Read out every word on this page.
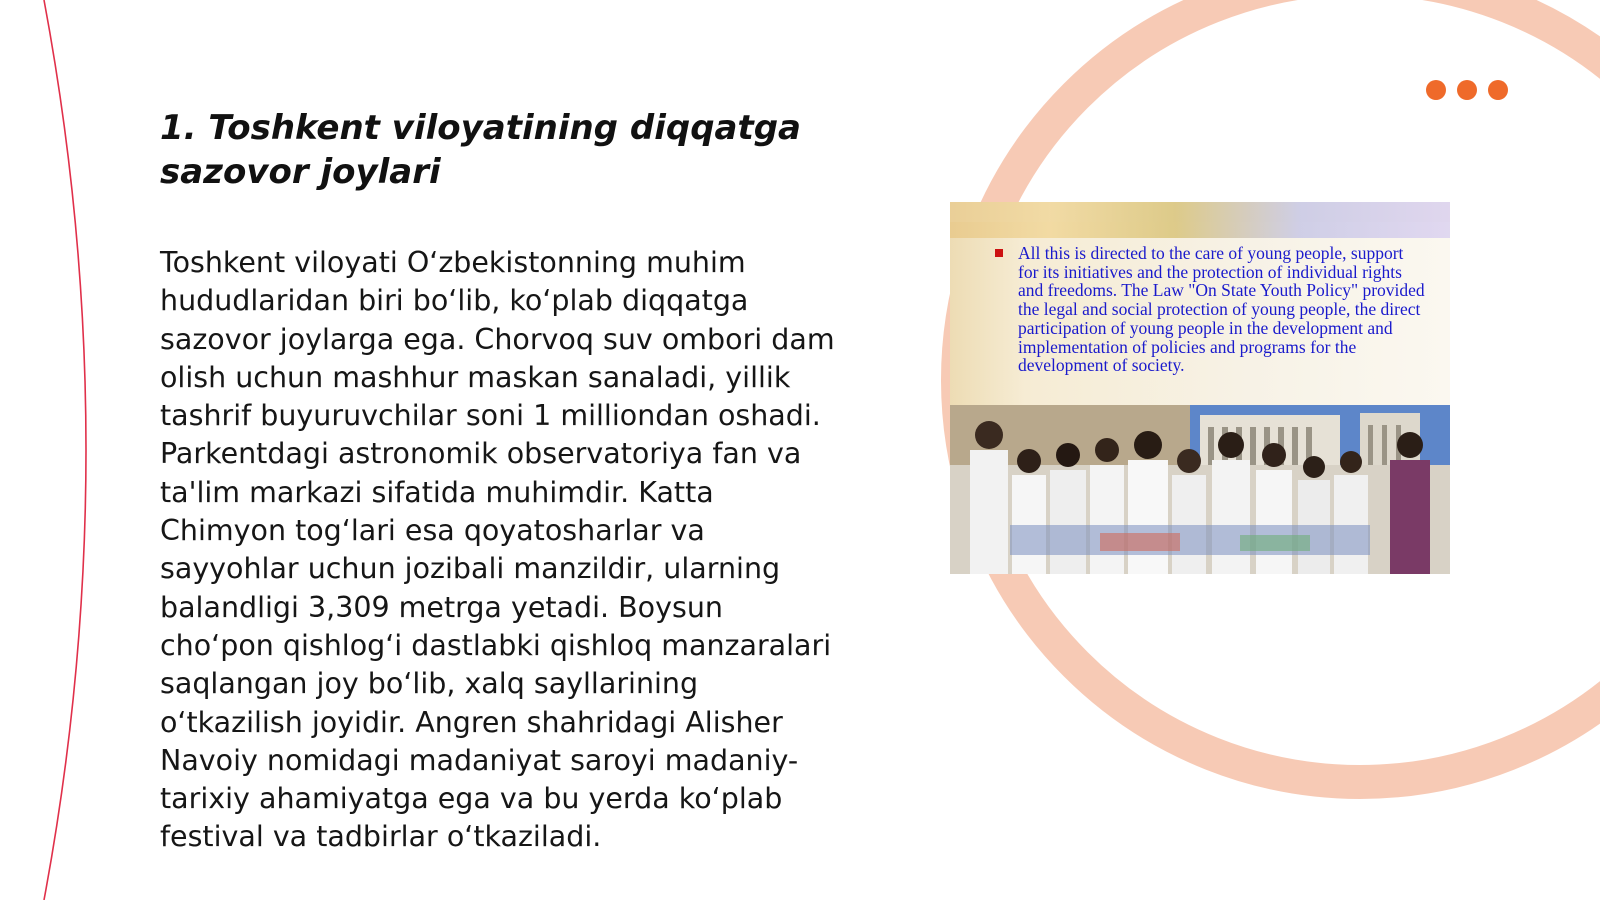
1. Toshkent viloyatining diqqatga sazovor joylari

Toshkent viloyati O‘zbekistonning muhim hududlaridan biri bo‘lib, ko‘plab diqqatga sazovor joylarga ega. Chorvoq suv ombori dam olish uchun mashhur maskan sanaladi, yillik tashrif buyuruvchilar soni 1 milliondan oshadi. Parkentdagi astronomik observatoriya fan va ta'lim markazi sifatida muhimdir. Katta Chimyon tog‘lari esa qoyatosharlar va sayyohlar uchun jozibali manzildir, ularning balandligi 3,309 metrga yetadi. Boysun cho‘pon qishlog‘i dastlabki qishloq manzaralari saqlangan joy bo‘lib, xalq sayllarining o‘tkazilish joyidir. Angren shahridagi Alisher Navoiy nomidagi madaniyat saroyi madaniy-tarixiy ahamiyatga ega va bu yerda ko‘plab festival va tadbirlar o‘tkaziladi.

All this is directed to the care of young people, support for its initiatives and the protection of individual rights and freedoms. The Law "On State Youth Policy" provided the legal and social protection of young people, the direct participation of young people in the development and implementation of policies and programs for the development of society.
